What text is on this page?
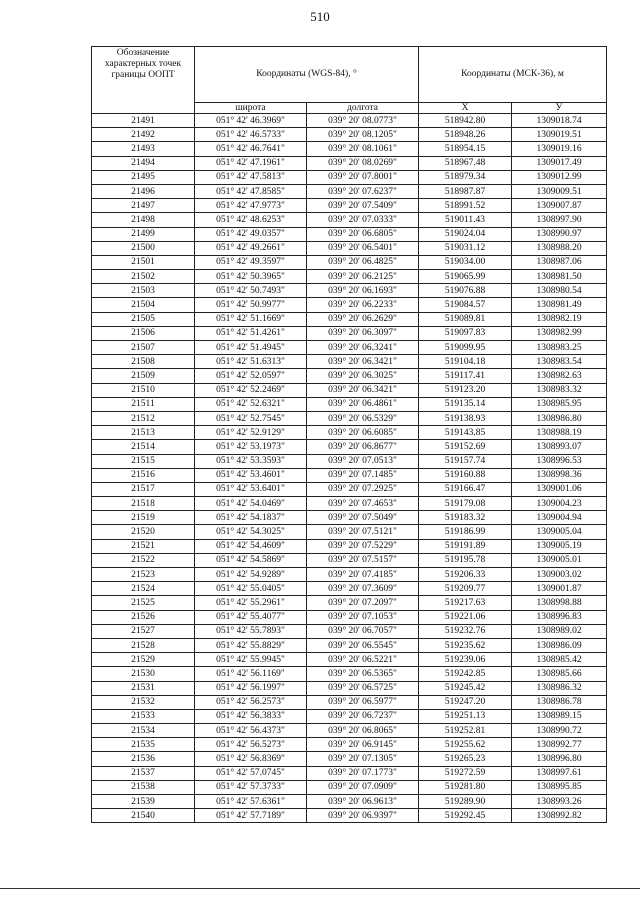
510
Обозначение характерных точек границы ООПТ	Координаты (WGS-84), °		Координаты (МСК-36), м	
	широта	долгота	X	У
21491	051° 42' 46.3969"	039° 20' 08.0773"	518942.80	1309018.74
21492	051° 42' 46.5733"	039° 20' 08.1205"	518948.26	1309019.51
21493	051° 42' 46.7641"	039° 20' 08.1061"	518954.15	1309019.16
21494	051° 42' 47.1961"	039° 20' 08.0269"	518967.48	1309017.49
21495	051° 42' 47.5813"	039° 20' 07.8001"	518979.34	1309012.99
21496	051° 42' 47.8585"	039° 20' 07.6237"	518987.87	1309009.51
21497	051° 42' 47.9773"	039° 20' 07.5409"	518991.52	1309007.87
21498	051° 42' 48.6253"	039° 20' 07.0333"	519011.43	1308997.90
21499	051° 42' 49.0357"	039° 20' 06.6805"	519024.04	1308990.97
21500	051° 42' 49.2661"	039° 20' 06.5401"	519031.12	1308988.20
21501	051° 42' 49.3597"	039° 20' 06.4825"	519034.00	1308987.06
21502	051° 42' 50.3965"	039° 20' 06.2125"	519065.99	1308981.50
21503	051° 42' 50.7493"	039° 20' 06.1693"	519076.88	1308980.54
21504	051° 42' 50.9977"	039° 20' 06.2233"	519084.57	1308981.49
21505	051° 42' 51.1669"	039° 20' 06.2629"	519089.81	1308982.19
21506	051° 42' 51.4261"	039° 20' 06.3097"	519097.83	1308982.99
21507	051° 42' 51.4945"	039° 20' 06.3241"	519099.95	1308983.25
21508	051° 42' 51.6313"	039° 20' 06.3421"	519104.18	1308983.54
21509	051° 42' 52.0597"	039° 20' 06.3025"	519117.41	1308982.63
21510	051° 42' 52.2469"	039° 20' 06.3421"	519123.20	1308983.32
21511	051° 42' 52.6321"	039° 20' 06.4861"	519135.14	1308985.95
21512	051° 42' 52.7545"	039° 20' 06.5329"	519138.93	1308986.80
21513	051° 42' 52.9129"	039° 20' 06.6085"	519143.85	1308988.19
21514	051° 42' 53.1973"	039° 20' 06.8677"	519152.69	1308993.07
21515	051° 42' 53.3593"	039° 20' 07.0513"	519157.74	1308996.53
21516	051° 42' 53.4601"	039° 20' 07.1485"	519160.88	1308998.36
21517	051° 42' 53.6401"	039° 20' 07.2925"	519166.47	1309001.06
21518	051° 42' 54.0469"	039° 20' 07.4653"	519179.08	1309004.23
21519	051° 42' 54.1837"	039° 20' 07.5049"	519183.32	1309004.94
21520	051° 42' 54.3025"	039° 20' 07.5121"	519186.99	1309005.04
21521	051° 42' 54.4609"	039° 20' 07.5229"	519191.89	1309005.19
21522	051° 42' 54.5869"	039° 20' 07.5157"	519195.78	1309005.01
21523	051° 42' 54.9289"	039° 20' 07.4185"	519206.33	1309003.02
21524	051° 42' 55.0405"	039° 20' 07.3609"	519209.77	1309001.87
21525	051° 42' 55.2961"	039° 20' 07.2097"	519217.63	1308998.88
21526	051° 42' 55.4077"	039° 20' 07.1053"	519221.06	1308996.83
21527	051° 42' 55.7893"	039° 20' 06.7057"	519232.76	1308989.02
21528	051° 42' 55.8829"	039° 20' 06.5545"	519235.62	1308986.09
21529	051° 42' 55.9945"	039° 20' 06.5221"	519239.06	1308985.42
21530	051° 42' 56.1169"	039° 20' 06.5365"	519242.85	1308985.66
21531	051° 42' 56.1997"	039° 20' 06.5725"	519245.42	1308986.32
21532	051° 42' 56.2573"	039° 20' 06.5977"	519247.20	1308986.78
21533	051° 42' 56.3833"	039° 20' 06.7237"	519251.13	1308989.15
21534	051° 42' 56.4373"	039° 20' 06.8065"	519252.81	1308990.72
21535	051° 42' 56.5273"	039° 20' 06.9145"	519255.62	1308992.77
21536	051° 42' 56.8369"	039° 20' 07.1305"	519265.23	1308996.80
21537	051° 42' 57.0745"	039° 20' 07.1773"	519272.59	1308997.61
21538	051° 42' 57.3733"	039° 20' 07.0909"	519281.80	1308995.85
21539	051° 42' 57.6361"	039° 20' 06.9613"	519289.90	1308993.26
21540	051° 42' 57.7189"	039° 20' 06.9397"	519292.45	1308992.82
